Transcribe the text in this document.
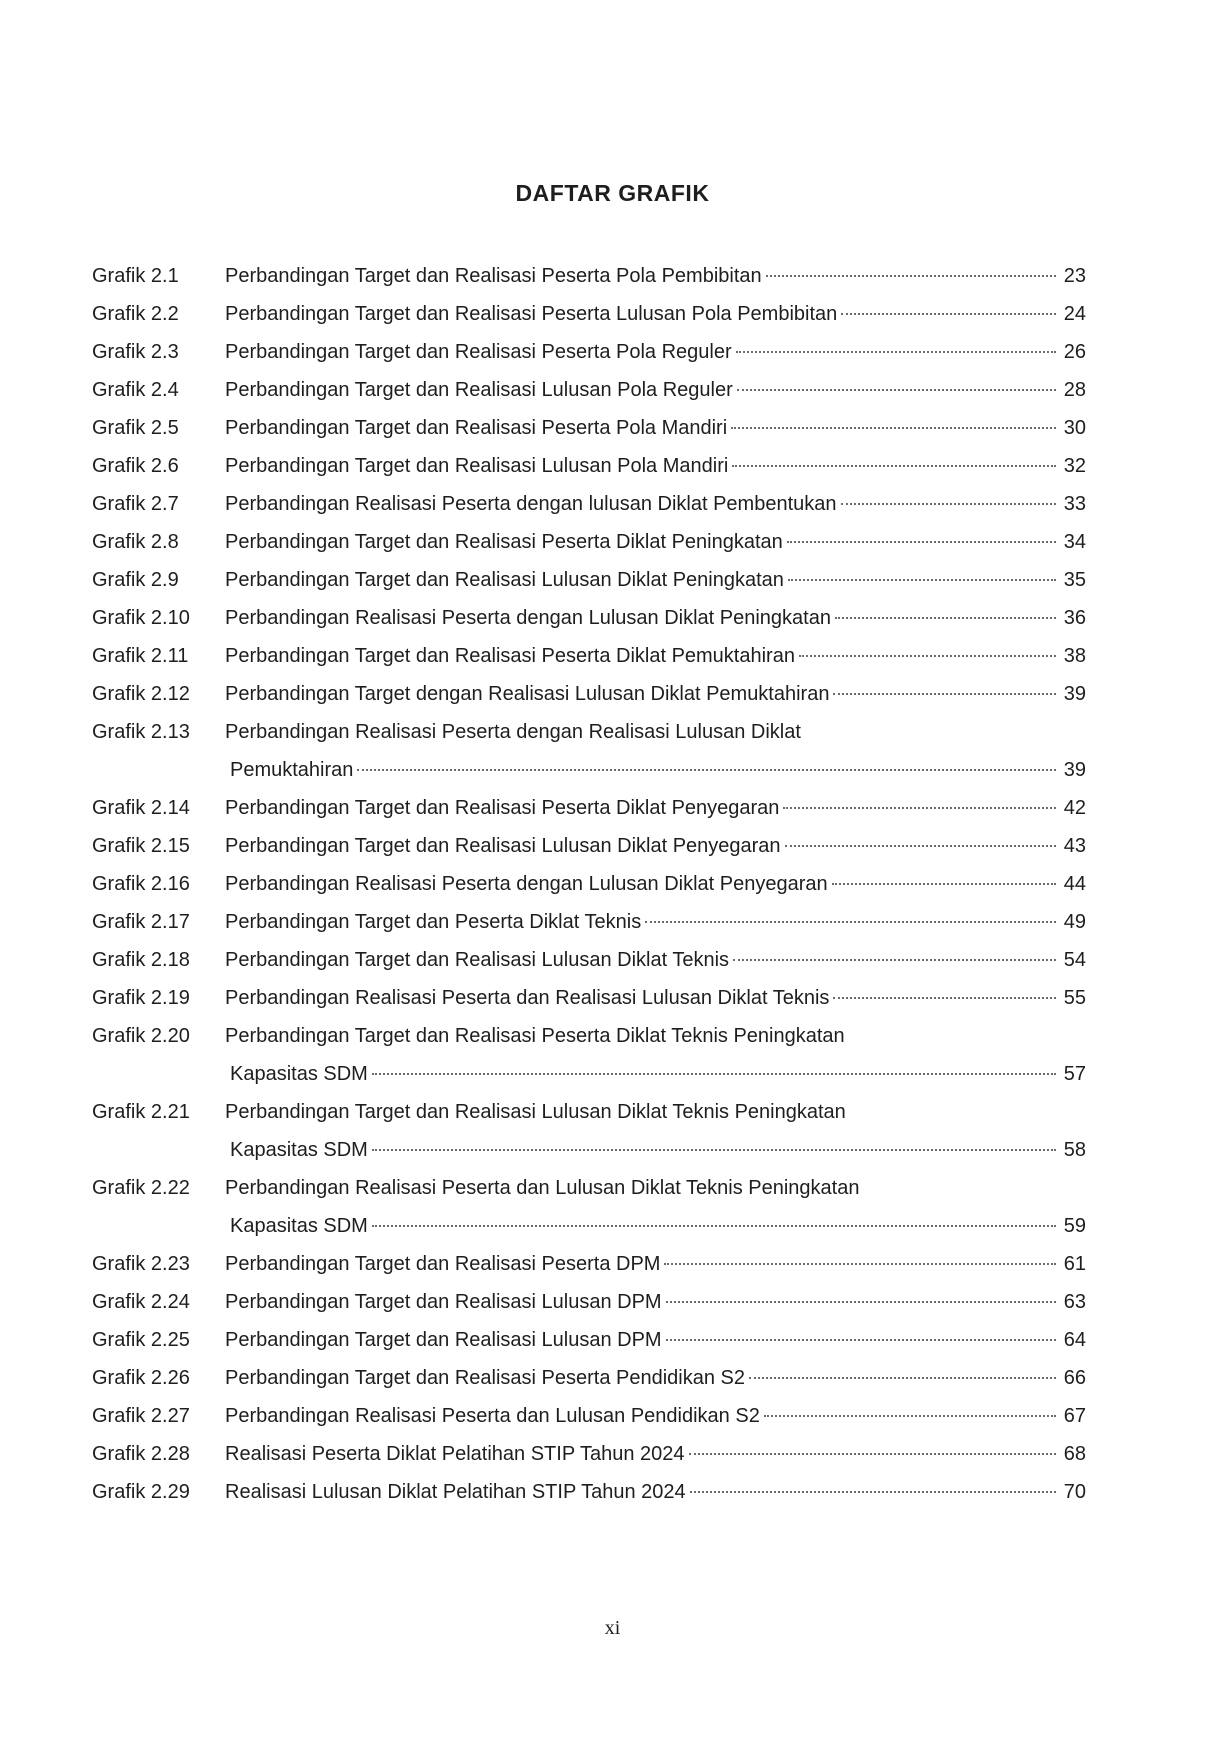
DAFTAR GRAFIK
Grafik 2.1	Perbandingan Target dan Realisasi Peserta Pola Pembibitan	23
Grafik 2.2	Perbandingan Target dan Realisasi Peserta Lulusan Pola Pembibitan	24
Grafik 2.3	Perbandingan Target dan Realisasi Peserta Pola Reguler	26
Grafik 2.4	Perbandingan Target dan Realisasi Lulusan Pola Reguler	28
Grafik 2.5	Perbandingan Target dan Realisasi Peserta Pola Mandiri	30
Grafik 2.6	Perbandingan Target dan Realisasi Lulusan Pola Mandiri	32
Grafik 2.7	Perbandingan Realisasi Peserta dengan lulusan Diklat Pembentukan	33
Grafik 2.8	Perbandingan Target dan Realisasi Peserta Diklat Peningkatan	34
Grafik 2.9	Perbandingan Target dan Realisasi Lulusan Diklat Peningkatan	35
Grafik 2.10	Perbandingan Realisasi Peserta dengan Lulusan Diklat Peningkatan	36
Grafik 2.11	Perbandingan Target dan Realisasi Peserta Diklat Pemuktahiran	38
Grafik 2.12	Perbandingan Target dengan Realisasi Lulusan Diklat Pemuktahiran	39
Grafik 2.13	Perbandingan Realisasi Peserta dengan Realisasi Lulusan Diklat
Pemuktahiran	39
Grafik 2.14	Perbandingan Target dan Realisasi Peserta Diklat Penyegaran	42
Grafik 2.15	Perbandingan Target dan Realisasi Lulusan Diklat Penyegaran	43
Grafik 2.16	Perbandingan Realisasi Peserta dengan Lulusan Diklat Penyegaran	44
Grafik 2.17	Perbandingan Target dan Peserta Diklat Teknis	49
Grafik 2.18	Perbandingan Target dan Realisasi Lulusan Diklat Teknis	54
Grafik 2.19	Perbandingan Realisasi Peserta dan Realisasi Lulusan Diklat Teknis	55
Grafik 2.20	Perbandingan Target dan Realisasi Peserta Diklat Teknis Peningkatan
Kapasitas SDM	57
Grafik 2.21	Perbandingan Target dan Realisasi Lulusan Diklat Teknis Peningkatan
Kapasitas SDM	58
Grafik 2.22	Perbandingan Realisasi Peserta dan Lulusan Diklat Teknis Peningkatan
Kapasitas SDM	59
Grafik 2.23	Perbandingan Target dan Realisasi Peserta DPM	61
Grafik 2.24	Perbandingan Target dan Realisasi Lulusan DPM	63
Grafik 2.25	Perbandingan Target dan Realisasi Lulusan DPM	64
Grafik 2.26	Perbandingan Target dan Realisasi Peserta Pendidikan S2	66
Grafik 2.27	Perbandingan Realisasi Peserta dan Lulusan Pendidikan S2	67
Grafik 2.28	Realisasi Peserta Diklat Pelatihan STIP Tahun 2024	68
Grafik 2.29	Realisasi Lulusan Diklat Pelatihan STIP Tahun 2024	70
xi
